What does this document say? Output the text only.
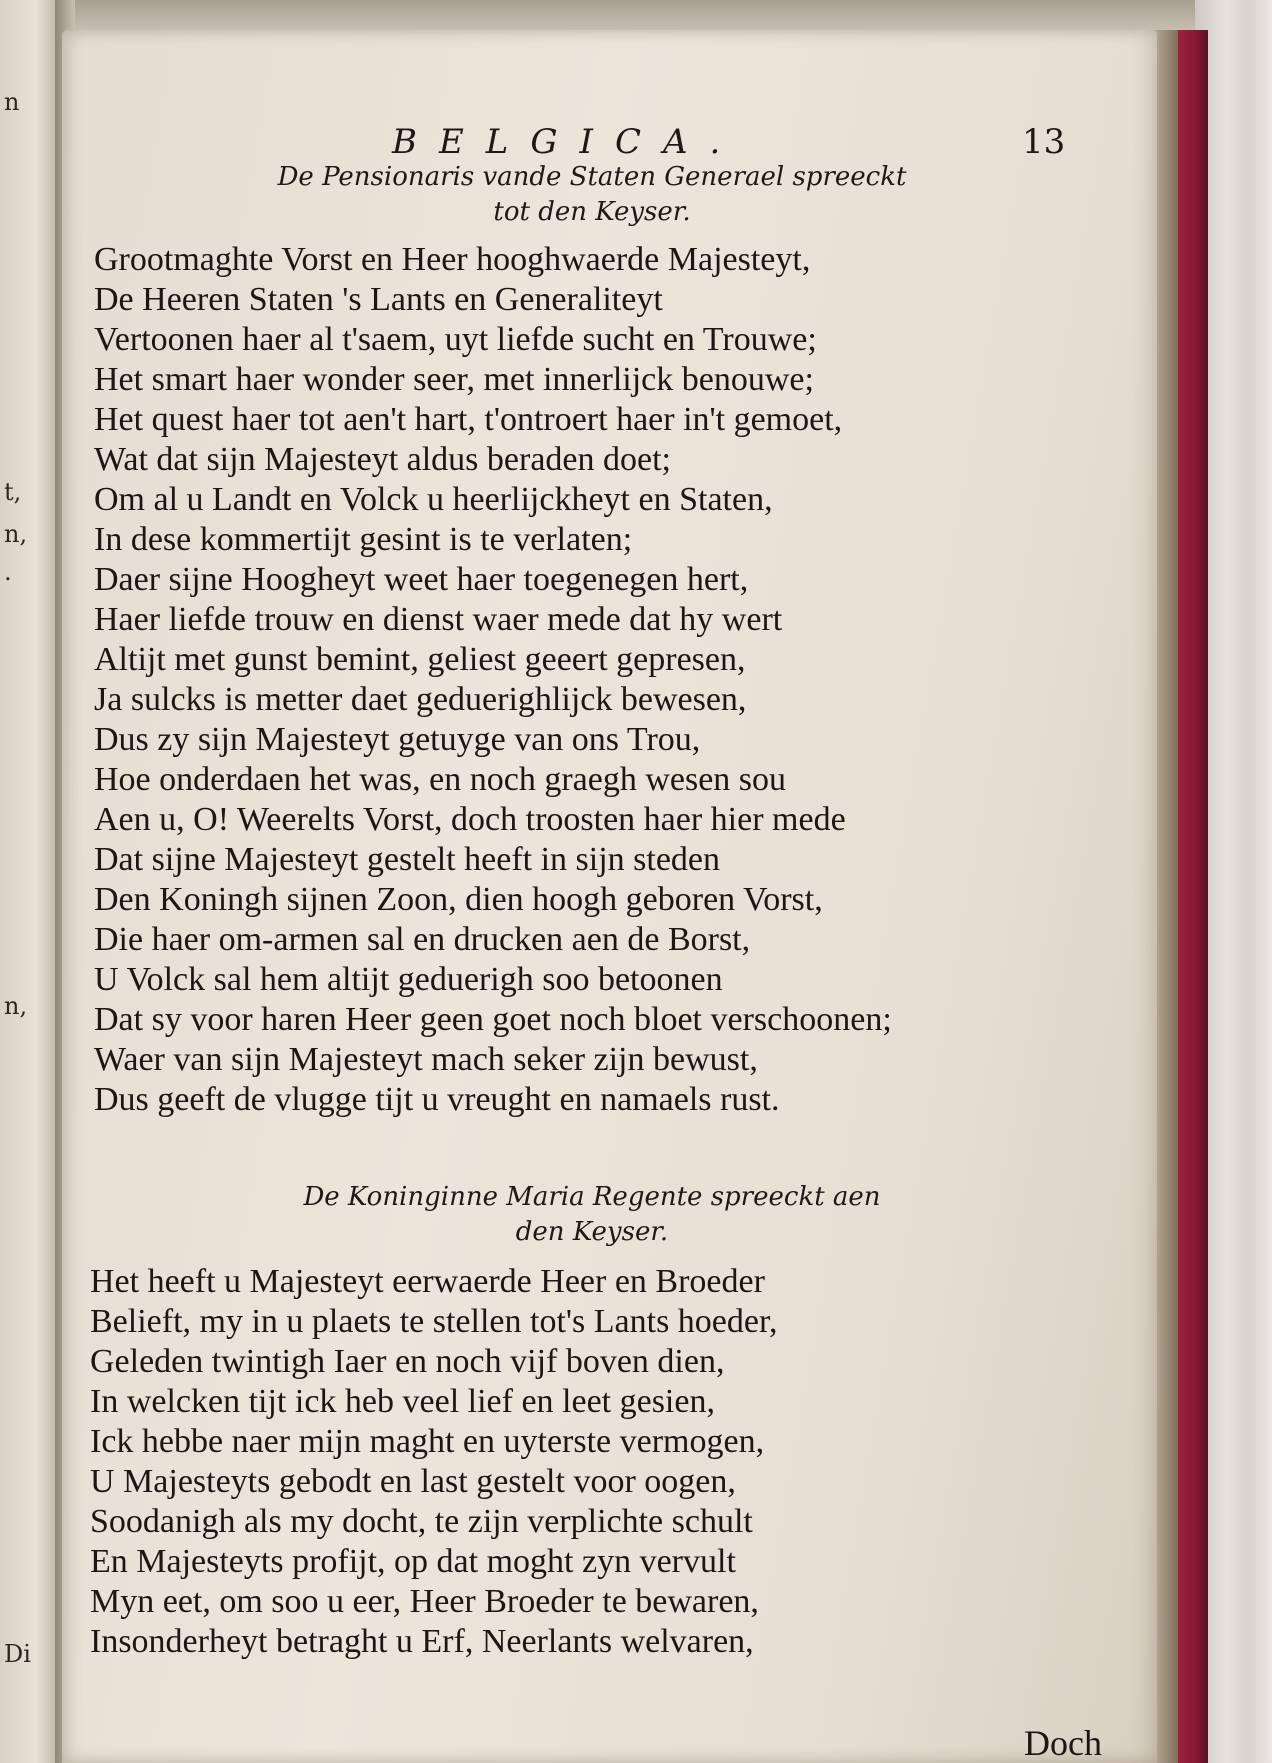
n
t,
n,
.
n,
Di
BELGICA.	13
De Pensionaris vande Staten Generael spreeckt
tot den Keyser.
Grootmaghte Vorst en Heer hooghwaerde Majesteyt,
De Heeren Staten 's Lants en Generaliteyt
Vertoonen haer al t'saem, uyt liefde sucht en Trouwe;
Het smart haer wonder seer, met innerlijck benouwe;
Het quest haer tot aen't hart, t'ontroert haer in't gemoet,
Wat dat sijn Majesteyt aldus beraden doet;
Om al u Landt en Volck u heerlijckheyt en Staten,
In dese kommertijt gesint is te verlaten;
Daer sijne Hoogheyt weet haer toegenegen hert,
Haer liefde trouw en dienst waer mede dat hy wert
Altijt met gunst bemint, geliest geeert gepresen,
Ja sulcks is metter daet geduerighlijck bewesen,
Dus zy sijn Majesteyt getuyge van ons Trou,
Hoe onderdaen het was, en noch graegh wesen sou
Aen u, O! Weerelts Vorst, doch troosten haer hier mede
Dat sijne Majesteyt gestelt heeft in sijn steden
Den Koningh sijnen Zoon, dien hoogh geboren Vorst,
Die haer om-armen sal en drucken aen de Borst,
U Volck sal hem altijt geduerigh soo betoonen
Dat sy voor haren Heer geen goet noch bloet verschoonen;
Waer van sijn Majesteyt mach seker zijn bewust,
Dus geeft de vlugge tijt u vreught en namaels rust.
De Koninginne Maria Regente spreeckt aen
den Keyser.
Het heeft u Majesteyt eerwaerde Heer en Broeder
Belieft, my in u plaets te stellen tot's Lants hoeder,
Geleden twintigh Iaer en noch vijf boven dien,
In welcken tijt ick heb veel lief en leet gesien,
Ick hebbe naer mijn maght en uyterste vermogen,
U Majesteyts gebodt en last gestelt voor oogen,
Soodanigh als my docht, te zijn verplichte schult
En Majesteyts profijt, op dat moght zyn vervult
Myn eet, om soo u eer, Heer Broeder te bewaren,
Insonderheyt betraght u Erf, Neerlants welvaren,
Doch
